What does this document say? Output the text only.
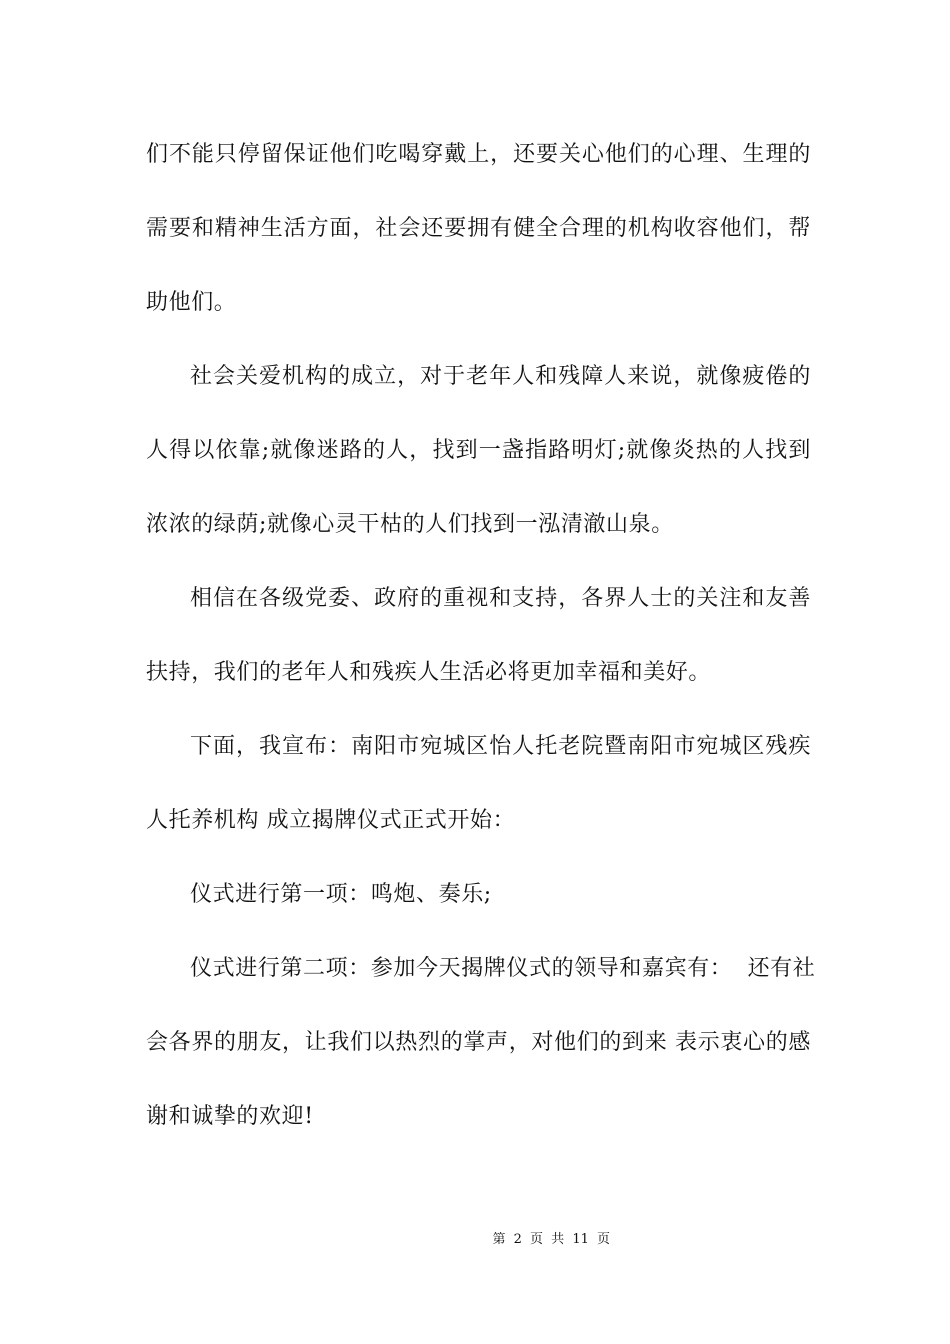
们不能只停留保证他们吃喝穿戴上，还要关心他们的心理、生理的
需要和精神生活方面，社会还要拥有健全合理的机构收容他们，帮
助他们。
社会关爱机构的成立，对于老年人和残障人来说，就像疲倦的
人得以依靠;就像迷路的人，找到一盏指路明灯;就像炎热的人找到
浓浓的绿荫;就像心灵干枯的人们找到一泓清澈山泉。
相信在各级党委、政府的重视和支持，各界人士的关注和友善
扶持，我们的老年人和残疾人生活必将更加幸福和美好。
下面，我宣布：南阳市宛城区怡人托老院暨南阳市宛城区残疾
人托养机构 成立揭牌仪式正式开始：
仪式进行第一项：鸣炮、奏乐;
仪式进行第二项：参加今天揭牌仪式的领导和嘉宾有：  还有社
会各界的朋友，让我们以热烈的掌声，对他们的到来 表示衷心的感
谢和诚挚的欢迎!

第 2 页 共 11 页
